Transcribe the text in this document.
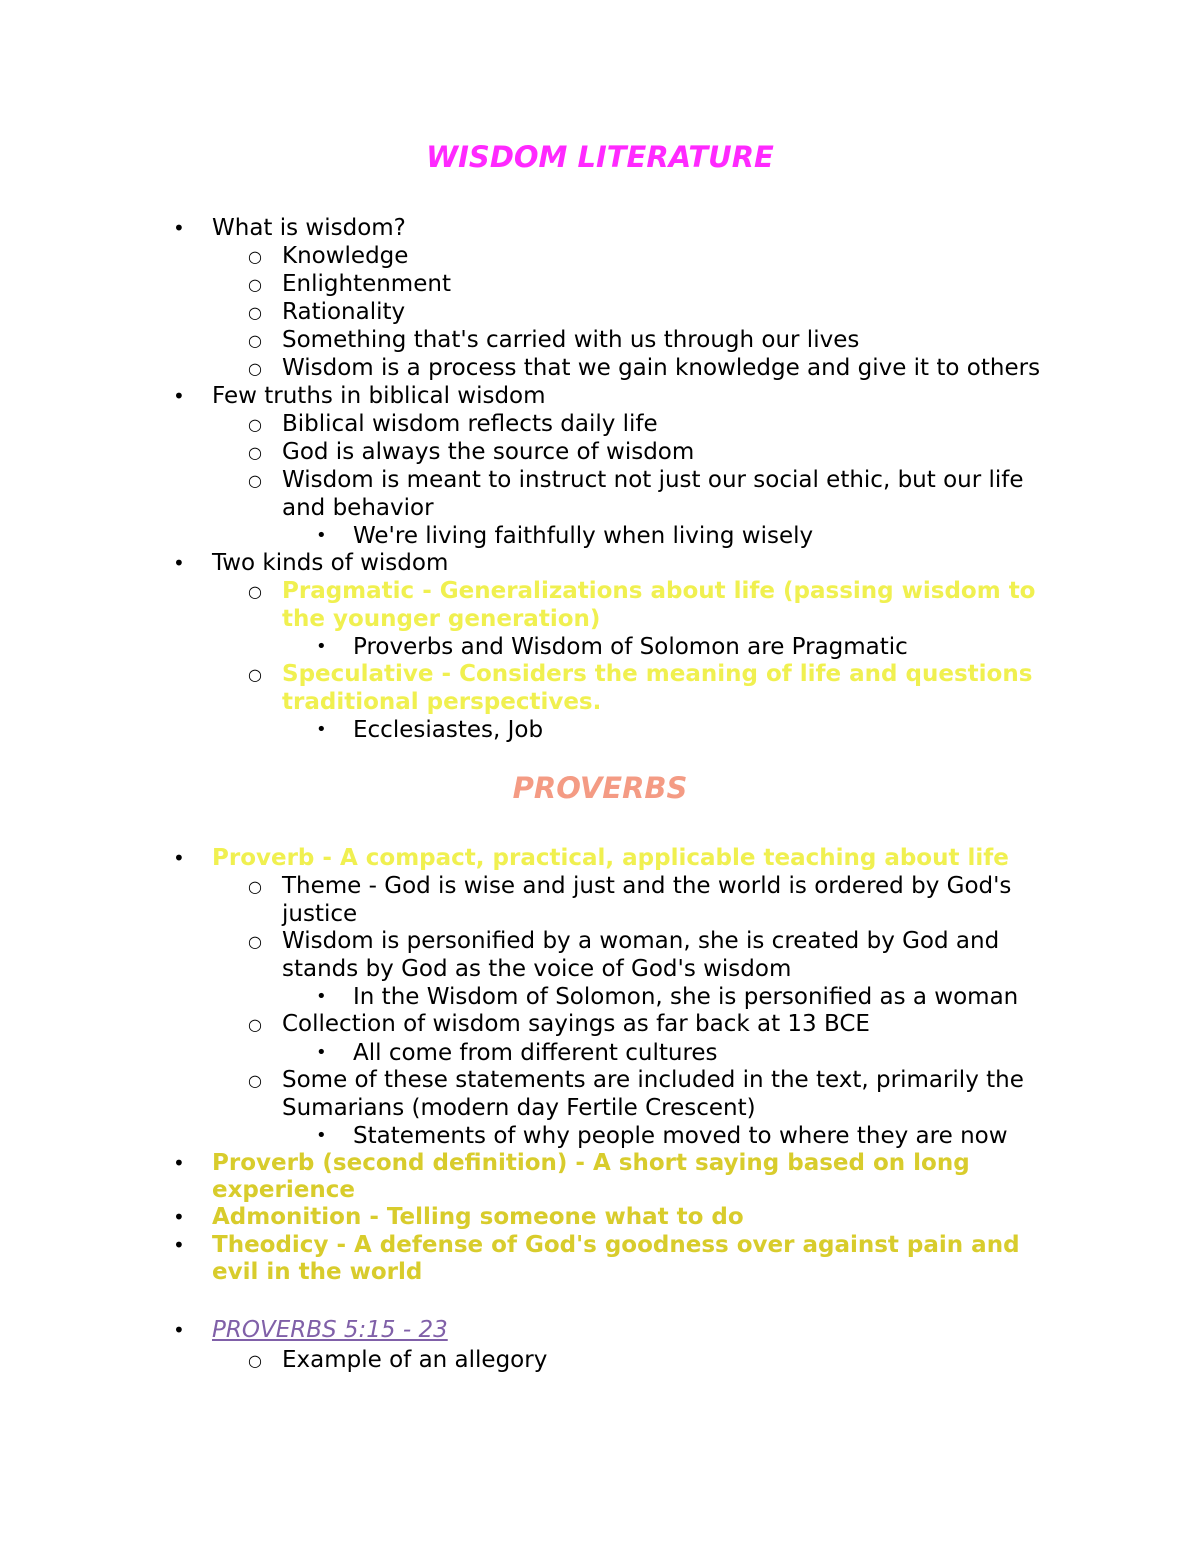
WISDOM LITERATURE
• What is wisdom?
○ Knowledge
○ Enlightenment
○ Rationality
○ Something that's carried with us through our lives
○ Wisdom is a process that we gain knowledge and give it to others
• Few truths in biblical wisdom
○ Biblical wisdom reflects daily life
○ God is always the source of wisdom
○ Wisdom is meant to instruct not just our social ethic, but our life
and behavior
• We're living faithfully when living wisely
• Two kinds of wisdom
○ Pragmatic - Generalizations about life (passing wisdom to
the younger generation)
• Proverbs and Wisdom of Solomon are Pragmatic
○ Speculative - Considers the meaning of life and questions
traditional perspectives.
• Ecclesiastes, Job
PROVERBS
• Proverb - A compact, practical, applicable teaching about life
○ Theme - God is wise and just and the world is ordered by God's
justice
○ Wisdom is personified by a woman, she is created by God and
stands by God as the voice of God's wisdom
• In the Wisdom of Solomon, she is personified as a woman
○ Collection of wisdom sayings as far back at 13 BCE
• All come from different cultures
○ Some of these statements are included in the text, primarily the
Sumarians (modern day Fertile Crescent)
• Statements of why people moved to where they are now
• Proverb (second definition) - A short saying based on long
experience
• Admonition - Telling someone what to do
• Theodicy - A defense of God's goodness over against pain and
evil in the world
• PROVERBS 5:15 - 23
○ Example of an allegory
